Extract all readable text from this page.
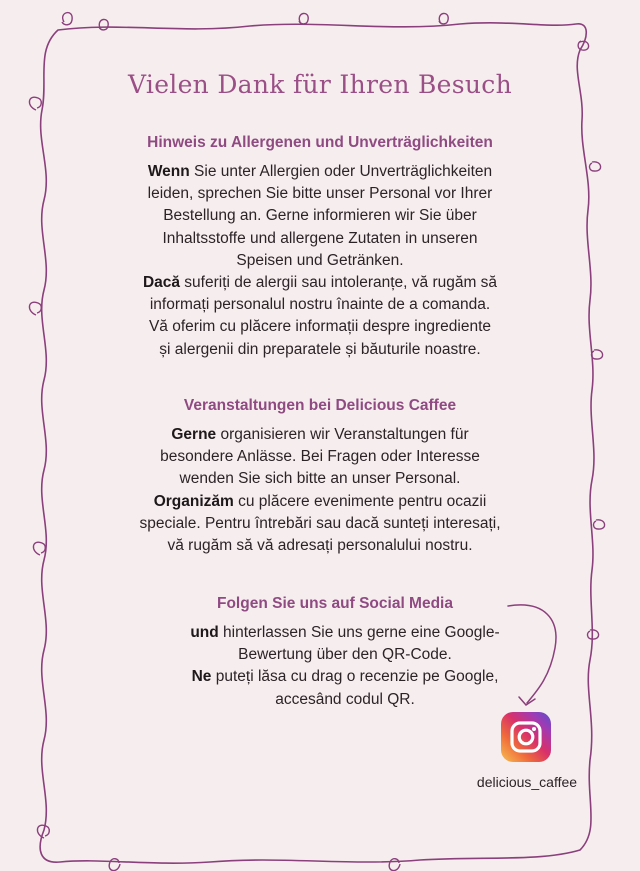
Vielen Dank für Ihren Besuch
Hinweis zu Allergenen und Unverträglichkeiten
Wenn Sie unter Allergien oder Unverträglichkeiten
leiden, sprechen Sie bitte unser Personal vor Ihrer
Bestellung an. Gerne informieren wir Sie über
Inhaltsstoffe und allergene Zutaten in unseren
Speisen und Getränken.
Dacă suferiți de alergii sau intoleranțe, vă rugăm să
informați personalul nostru înainte de a comanda.
Vă oferim cu plăcere informații despre ingrediente
și alergenii din preparatele și băuturile noastre.
Veranstaltungen bei Delicious Caffee
Gerne organisieren wir Veranstaltungen für
besondere Anlässe. Bei Fragen oder Interesse
wenden Sie sich bitte an unser Personal.
Organizăm cu plăcere evenimente pentru ocazii
speciale. Pentru întrebări sau dacă sunteți interesați,
vă rugăm să vă adresați personalului nostru.
Folgen Sie uns auf Social Media
und hinterlassen Sie uns gerne eine Google-
Bewertung über den QR-Code.
Ne puteți lăsa cu drag o recenzie pe Google,
accesând codul QR.
delicious_caffee
